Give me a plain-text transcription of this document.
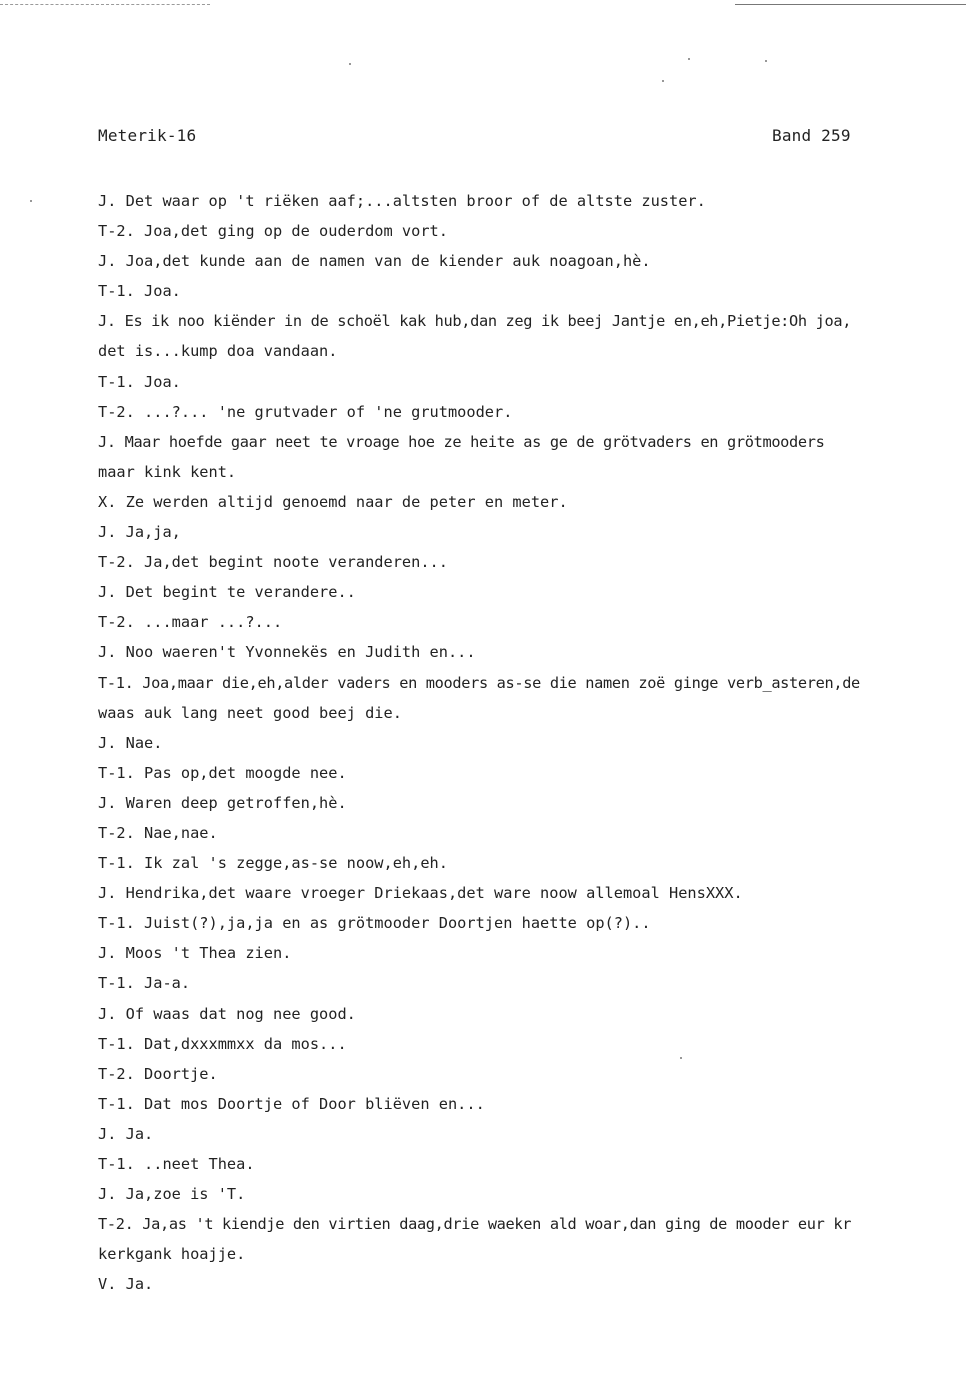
Meterik-16	Band 259
J. Det waar op 't riëken aaf;...altsten broor of de altste zuster.
T-2. Joa,det ging op de ouderdom vort.
J. Joa,det kunde aan de namen van de kiender auk noagoan,hè.
T-1. Joa.
J. Es ik noo kiënder in de schoël kak hub,dan zeg ik beej Jantje en,eh,Pietje:Oh joa,
det is...kump doa vandaan.
T-1. Joa.
T-2. ...?... 'ne grutvader of 'ne grutmooder.
J. Maar hoefde gaar neet te vroage hoe ze heite as ge de grötvaders en grötmooders
maar kink kent.
X. Ze werden altijd genoemd naar de peter en meter.
J. Ja,ja,
T-2. Ja,det begint noote veranderen...
J. Det begint te verandere..
T-2. ...maar ...?...
J. Noo waeren't Yvonnekës en Judith en...
T-1. Joa,maar die,eh,alder vaders en mooders as-se die namen zoë ginge verb_asteren,de
waas auk lang neet good beej die.
J. Nae.
T-1. Pas op,det moogde nee.
J. Waren deep getroffen,hè.
T-2. Nae,nae.
T-1. Ik zal 's zegge,as-se noow,eh,eh.
J. Hendrika,det waare vroeger Driekaas,det ware noow allemoal HensXXX.
T-1. Juist(?),ja,ja en as grötmooder Doortjen haette op(?)..
J. Moos 't Thea zien.
T-1. Ja-a.
J. Of waas dat nog nee good.
T-1. Dat,dxxxmmxx da mos...
T-2. Doortje.
T-1. Dat mos Doortje of Door bliëven en...
J. Ja.
T-1. ..neet Thea.
J. Ja,zoe is 'T.
T-2. Ja,as 't kiendje den virtien daag,drie waeken ald woar,dan ging de mooder eur kr
kerkgank hoajje.
V. Ja.
